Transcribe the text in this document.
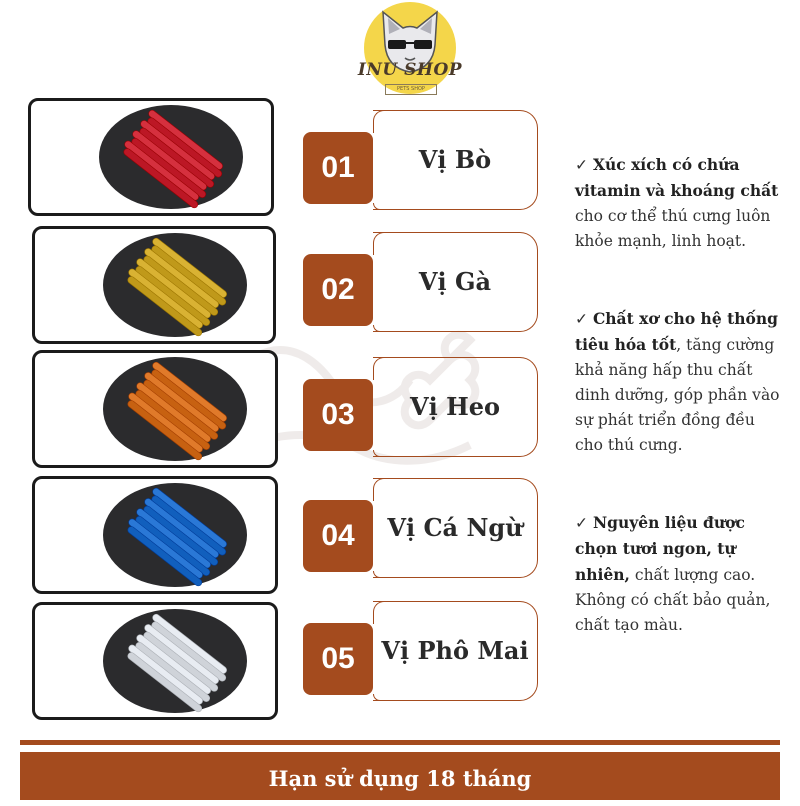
INU SHOP
PETS SHOP
01	Vị Bò
02	Vị Gà
03	Vị Heo
04	Vị Cá Ngừ
05	Vị Phô Mai
✓ Xúc xích có chứa vitamin và khoáng chất cho cơ thể thú cưng luôn khỏe mạnh, linh hoạt.
✓ Chất xơ cho hệ thống tiêu hóa tốt, tăng cường khả năng hấp thu chất dinh dưỡng, góp phần vào sự phát triển đồng đều cho thú cưng.
✓ Nguyên liệu được chọn tươi ngon, tự nhiên, chất lượng cao. Không có chất bảo quản, chất tạo màu.
Hạn sử dụng 18 tháng
